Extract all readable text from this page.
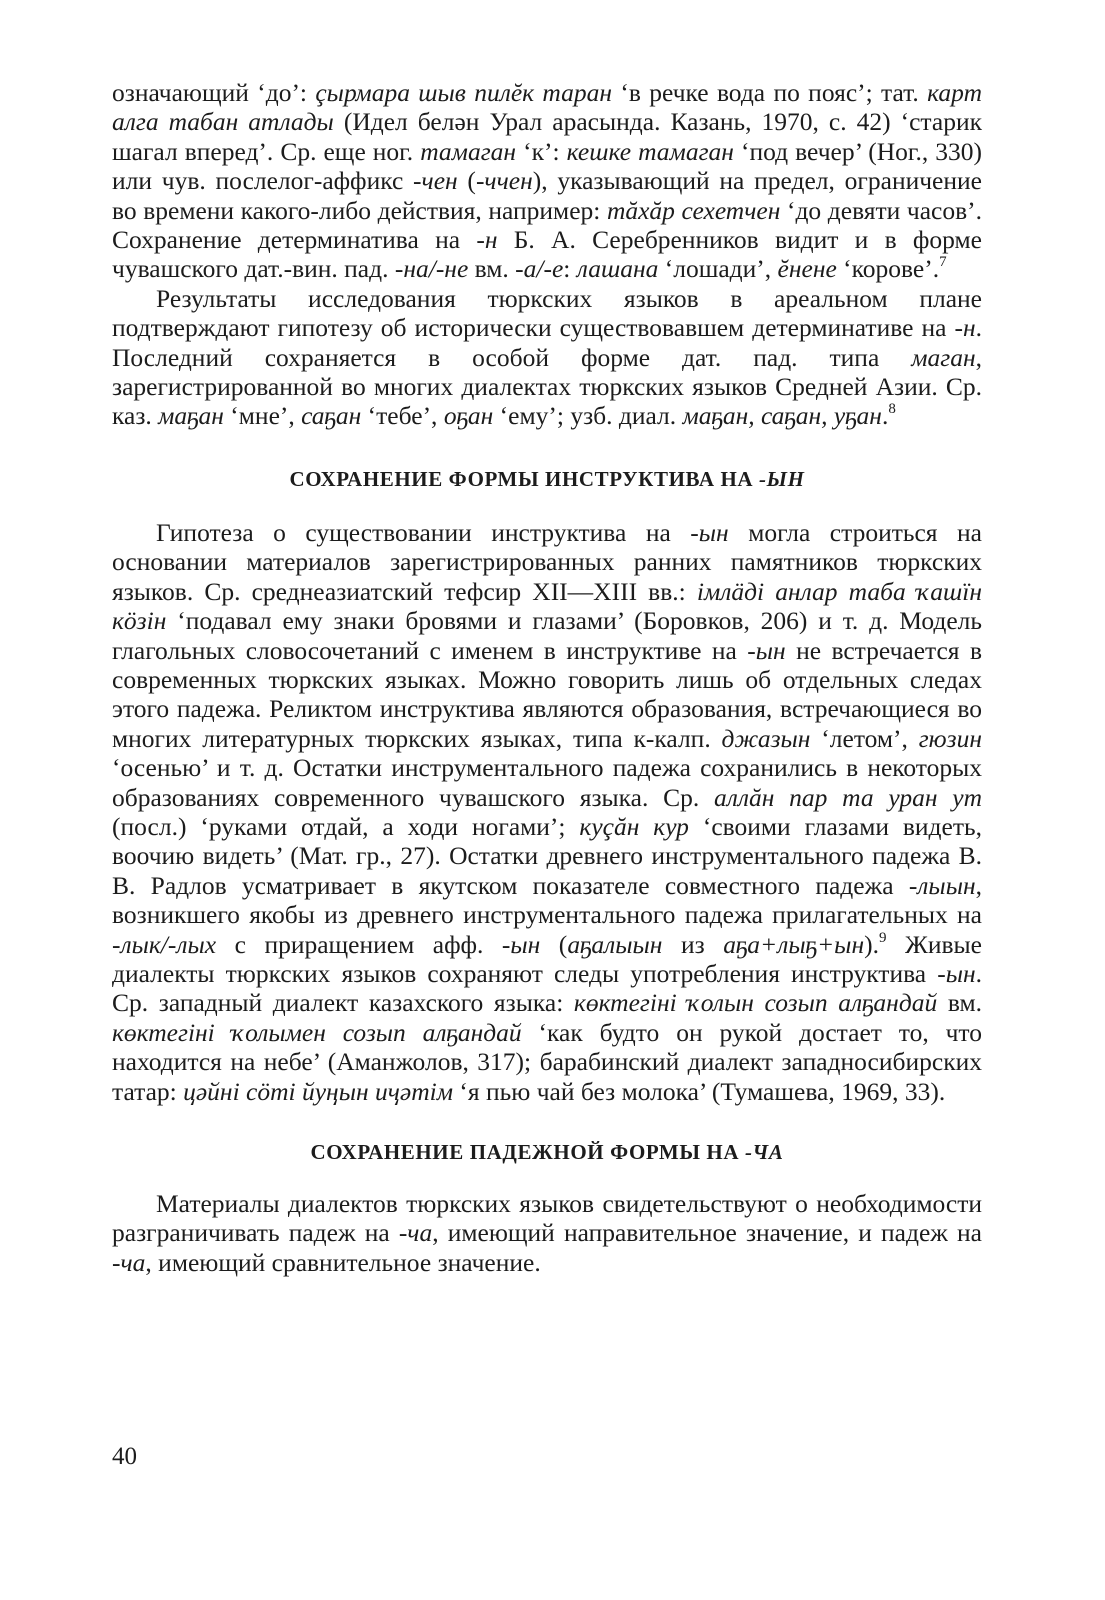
означающий ‘до’: çырмара шыв пилĕк таран ‘в речке вода по пояс’; тат. карт алга табан атлады (Идел белән Урал арасында. Казань, 1970, с. 42) ‘старик шагал вперед’. Ср. еще ног. тамаган ‘к’: кешке тамаган ‘под вечер’ (Ног., 330) или чув. послелог-аффикс -чен (-ччен), указывающий на предел, ограничение во времени какого-либо действия, например: тăхăр сехетчен ‘до девяти часов’. Сохранение детерминатива на -н Б. А. Серебренников видит и в форме чувашского дат.-вин. пад. -на/-не вм. -а/-е: лашана ‘лошади’, ĕнене ‘корове’.$^7$

Результаты исследования тюркских языков в ареальном плане подтверждают гипотезу об исторически существовавшем детерминативе на -н. Последний сохраняется в особой форме дат. пад. типа маган, зарегистрированной во многих диалектах тюркских языков Средней Азии. Ср. каз. маҕан ‘мне’, саҕан ‘тебе’, оҕан ‘ему’; узб. диал. маҕан, саҕан, уҕан.$^8$

СОХРАНЕНИЕ ФОРМЫ ИНСТРУКТИВА НА -ЫН

Гипотеза о существовании инструктива на -ын могла строиться на основании материалов зарегистрированных ранних памятников тюркских языков. Ср. среднеазиатский тефсир XII—XIII вв.: імлäді анлар таба ҡашïн кöзін ‘подавал ему знаки бровями и глазами’ (Боровков, 206) и т. д. Модель глагольных словосочетаний с именем в инструктиве на -ын не встречается в современных тюркских языках. Можно говорить лишь об отдельных следах этого падежа. Реликтом инструктива являются образования, встречающиеся во многих литературных тюркских языках, типа к-калп. джазын ‘летом’, гюзин ‘осенью’ и т. д. Остатки инструментального падежа сохранились в некоторых образованиях современного чувашского языка. Ср. аллăн пар та уран ут (посл.) ‘руками отдай, а ходи ногами’; куçăн кур ‘своими глазами видеть, воочию видеть’ (Мат. гр., 27). Остатки древнего инструментального падежа В. В. Радлов усматривает в якутском показателе совместного падежа -лыын, возникшего якобы из древнего инструментального падежа прилагательных на -лык/-лых с приращением афф. -ын (аҕалыын из аҕа+лыҕ+ын).$^9$ Живые диалекты тюркских языков сохраняют следы употребления инструктива -ын. Ср. западный диалект казахского языка: көктегіні ҡолын созып алҕандай вм. көктегіні ҡолымен созып алҕандай ‘как будто он рукой достает то, что находится на небе’ (Аманжолов, 317); барабинский диалект западносибирских татар: цәйні сӧті йуңын иҷәтім ‘я пью чай без молока’ (Тумашева, 1969, 33).

СОХРАНЕНИЕ ПАДЕЖНОЙ ФОРМЫ НА -ЧА

Материалы диалектов тюркских языков свидетельствуют о необходимости разграничивать падеж на -ча, имеющий направительное значение, и падеж на -ча, имеющий сравнительное значение.

40
